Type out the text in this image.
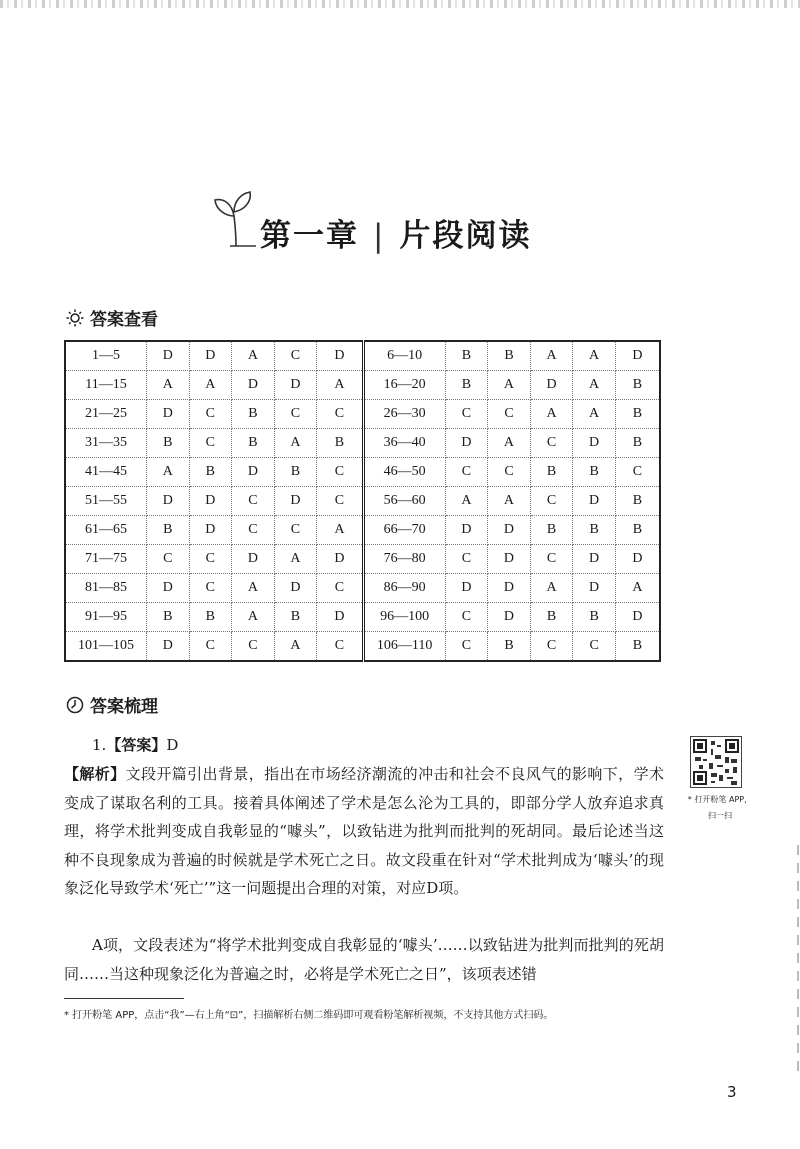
第一章 | 片段阅读
答案查看
1—5	D	D	A	C	D	6—10	B	B	A	A	D
11—15	A	A	D	D	A	16—20	B	A	D	A	B
21—25	D	C	B	C	C	26—30	C	C	A	A	B
31—35	B	C	B	A	B	36—40	D	A	C	D	B
41—45	A	B	D	B	C	46—50	C	C	B	B	C
51—55	D	D	C	D	C	56—60	A	A	C	D	B
61—65	B	D	C	C	A	66—70	D	D	B	B	B
71—75	C	C	D	A	D	76—80	C	D	C	D	D
81—85	D	C	A	D	C	86—90	D	D	A	D	A
91—95	B	B	A	B	D	96—100	C	D	B	B	D
101—105	D	C	C	A	C	106—110	C	B	C	C	B
答案梳理
1.【答案】D
【解析】文段开篇引出背景，指出在市场经济潮流的冲击和社会不良风气的影响下，学术变成了谋取名利的工具。接着具体阐述了学术是怎么沦为工具的，即部分学人放弃追求真理，将学术批判变成自我彰显的“噱头”，以致钻进为批判而批判的死胡同。最后论述当这种不良现象成为普遍的时候就是学术死亡之日。故文段重在针对“学术批判成为‘噱头’的现象泛化导致学术‘死亡’”这一问题提出合理的对策，对应D项。
A项，文段表述为“将学术批判变成自我彰显的‘噱头’……以致钻进为批判而批判的死胡同……当这种现象泛化为普遍之时，必将是学术死亡之日”，该项表述错
* 打开粉笔 APP，
扫一扫
* 打开粉笔 APP，点击“我”—右上角“⊡”，扫描解析右侧二维码即可观看粉笔解析视频，不支持其他方式扫码。
3
